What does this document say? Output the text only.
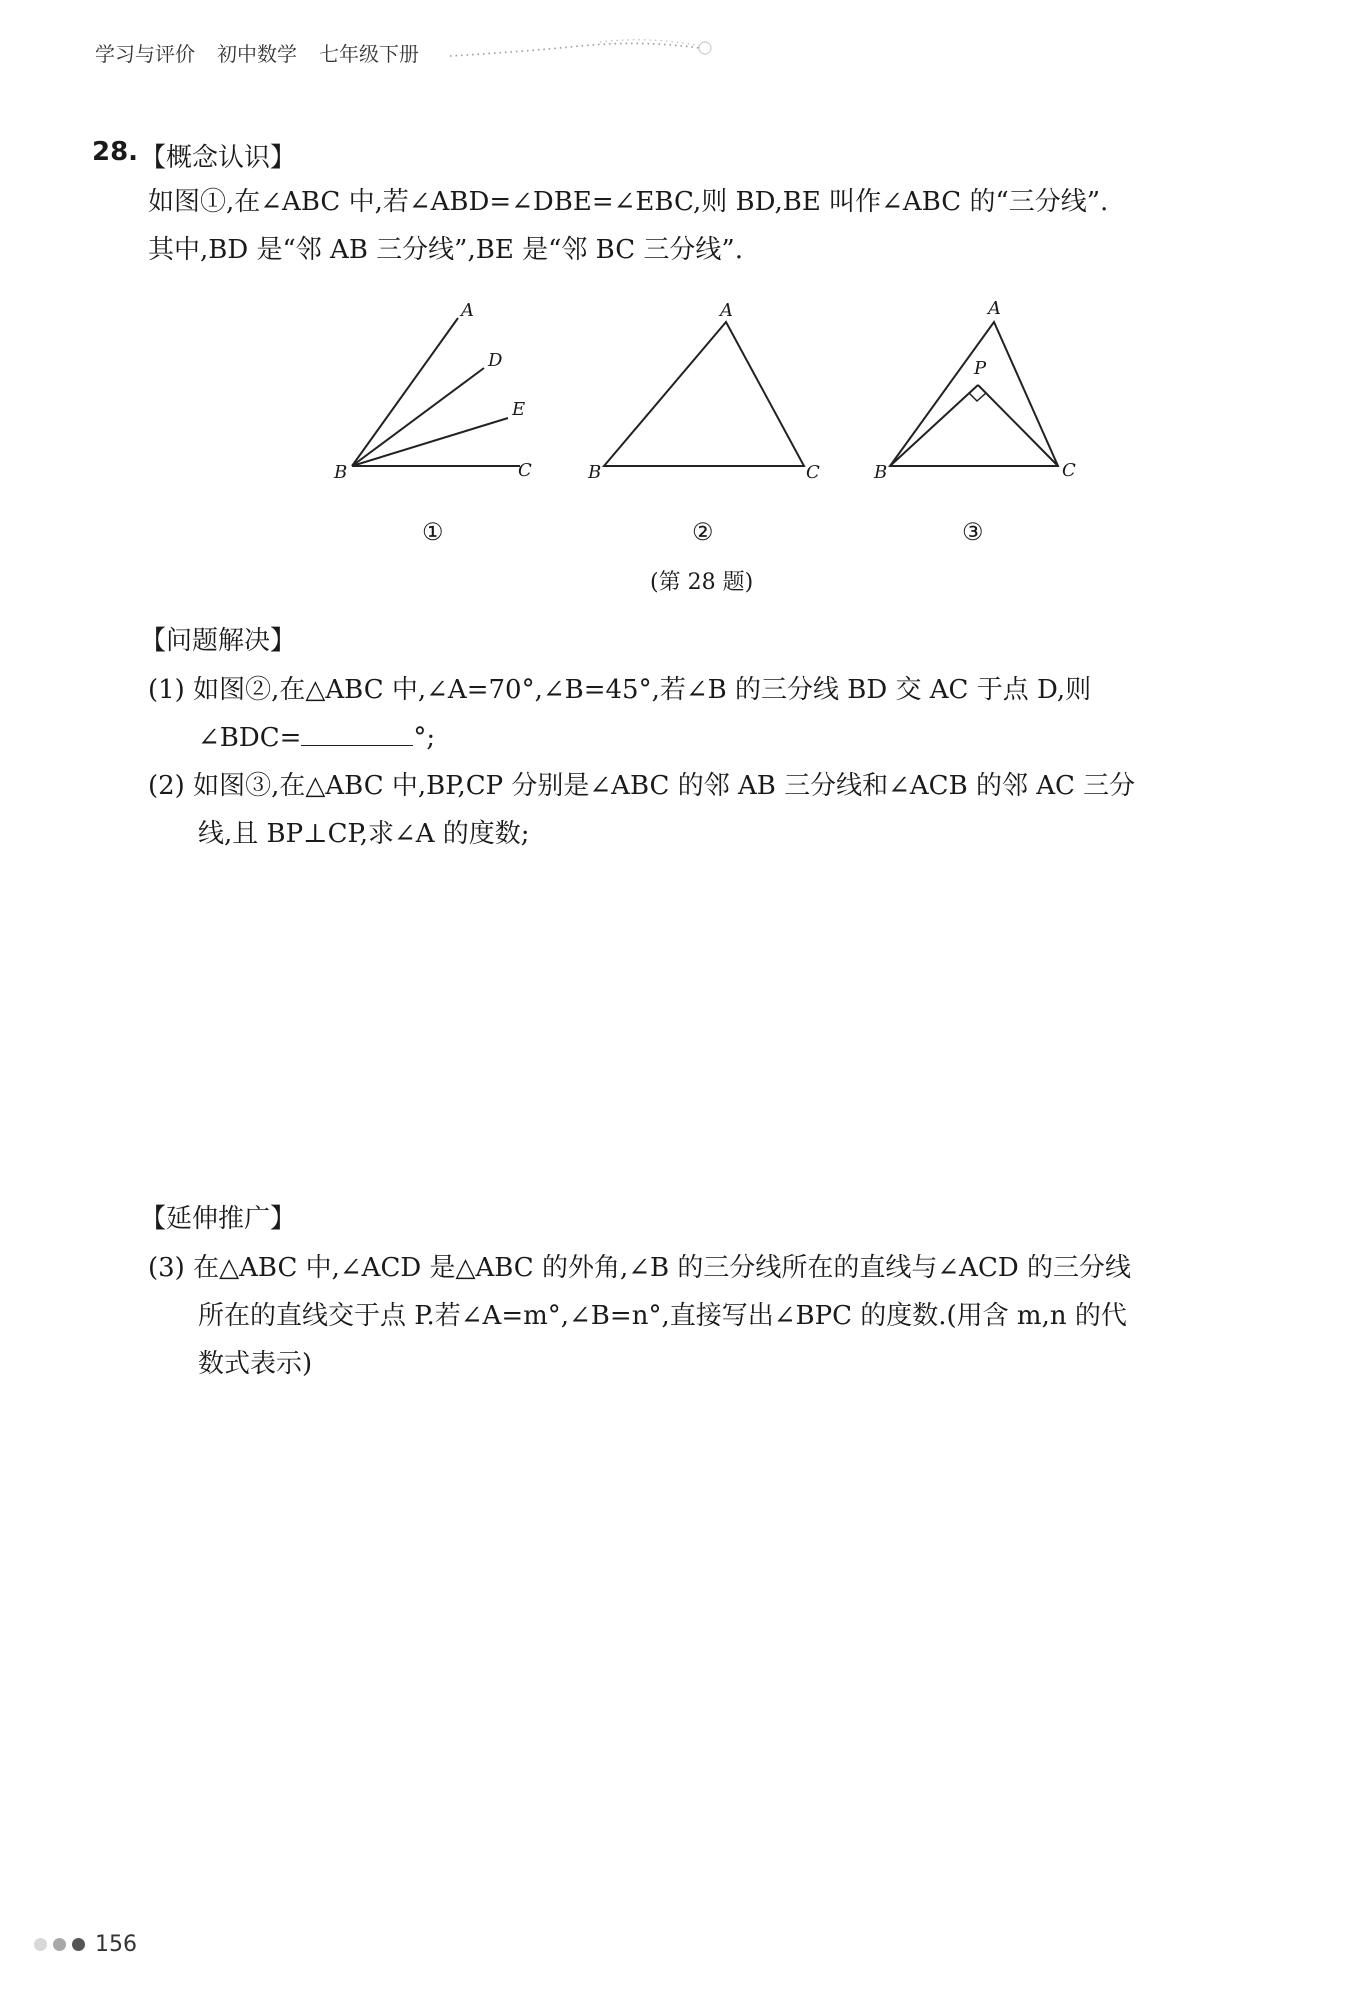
学习与评价 初中数学 七年级下册
28. 【概念认识】
如图①,在∠ABC 中,若∠ABD=∠DBE=∠EBC,则 BD,BE 叫作∠ABC 的“三分线”.
其中,BD 是“邻 AB 三分线”,BE 是“邻 BC 三分线”.
A
D
E
B	C
①
A
B	C
②
A
P
B	C
③
(第 28 题)
【问题解决】
(1) 如图②,在△ABC 中,∠A=70°,∠B=45°,若∠B 的三分线 BD 交 AC 于点 D,则
∠BDC=	°;
(2) 如图③,在△ABC 中,BP,CP 分别是∠ABC 的邻 AB 三分线和∠ACB 的邻 AC 三分
线,且 BP⊥CP,求∠A 的度数;
【延伸推广】
(3) 在△ABC 中,∠ACD 是△ABC 的外角,∠B 的三分线所在的直线与∠ACD 的三分线
所在的直线交于点 P.若∠A=m°,∠B=n°,直接写出∠BPC 的度数.(用含 m,n 的代
数式表示)
156
